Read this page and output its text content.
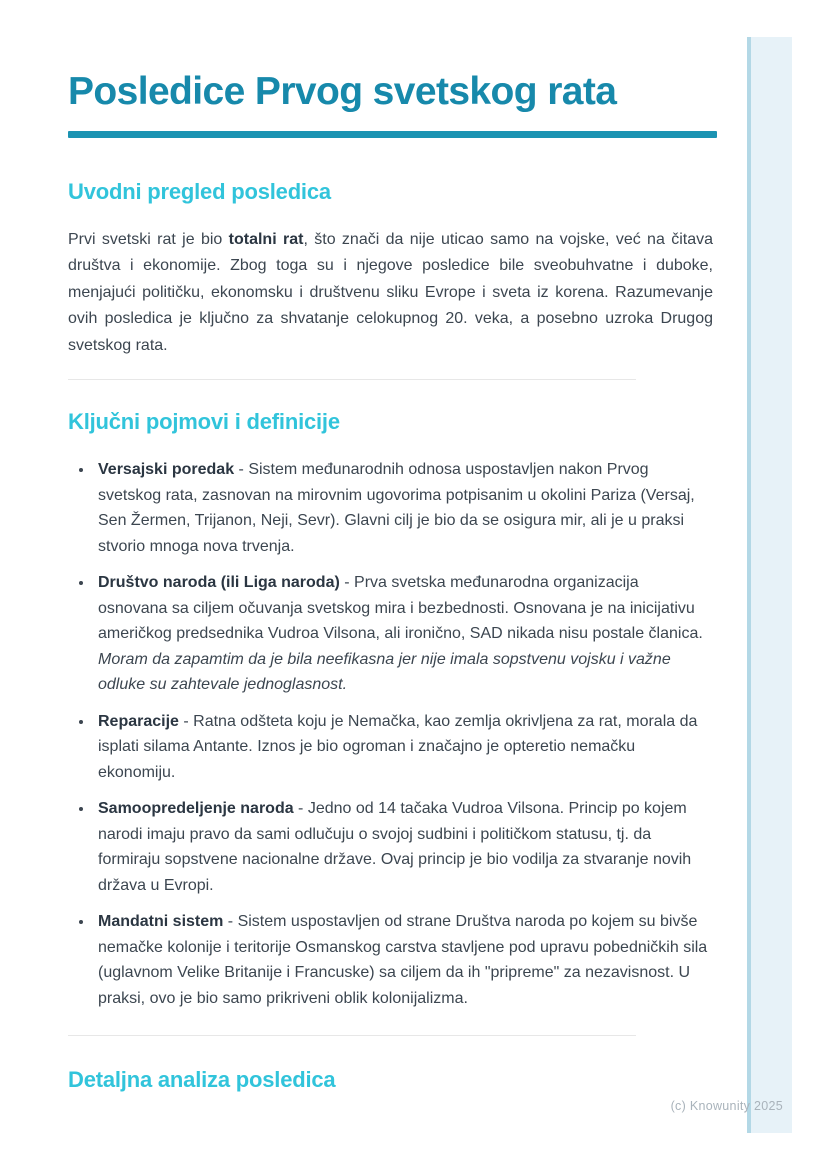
Posledice Prvog svetskog rata
Uvodni pregled posledica

Prvi svetski rat je bio totalni rat, što znači da nije uticao samo na vojske, već na čitava društva i ekonomije. Zbog toga su i njegove posledice bile sveobuhvatne i duboke, menjajući političku, ekonomsku i društvenu sliku Evrope i sveta iz korena. Razumevanje ovih posledica je ključno za shvatanje celokupnog 20. veka, a posebno uzroka Drugog svetskog rata.

Ključni pojmovi i definicije
• Versajski poredak - Sistem međunarodnih odnosa uspostavljen nakon Prvog svetskog rata, zasnovan na mirovnim ugovorima potpisanim u okolini Pariza (Versaj, Sen Žermen, Trijanon, Neji, Sevr). Glavni cilj je bio da se osigura mir, ali je u praksi stvorio mnoga nova trvenja.
• Društvo naroda (ili Liga naroda) - Prva svetska međunarodna organizacija osnovana sa ciljem očuvanja svetskog mira i bezbednosti. Osnovana je na inicijativu američkog predsednika Vudroa Vilsona, ali ironično, SAD nikada nisu postale članica. Moram da zapamtim da je bila neefikasna jer nije imala sopstvenu vojsku i važne odluke su zahtevale jednoglasnost.
• Reparacije - Ratna odšteta koju je Nemačka, kao zemlja okrivljena za rat, morala da isplati silama Antante. Iznos je bio ogroman i značajno je opteretio nemačku ekonomiju.
• Samoopredeljenje naroda - Jedno od 14 tačaka Vudroa Vilsona. Princip po kojem narodi imaju pravo da sami odlučuju o svojoj sudbini i političkom statusu, tj. da formiraju sopstvene nacionalne države. Ovaj princip je bio vodilja za stvaranje novih država u Evropi.
• Mandatni sistem - Sistem uspostavljen od strane Društva naroda po kojem su bivše nemačke kolonije i teritorije Osmanskog carstva stavljene pod upravu pobedničkih sila (uglavnom Velike Britanije i Francuske) sa ciljem da ih "pripreme" za nezavisnost. U praksi, ovo je bio samo prikriveni oblik kolonijalizma.
Detaljna analiza posledica
(c) Knowunity 2025
